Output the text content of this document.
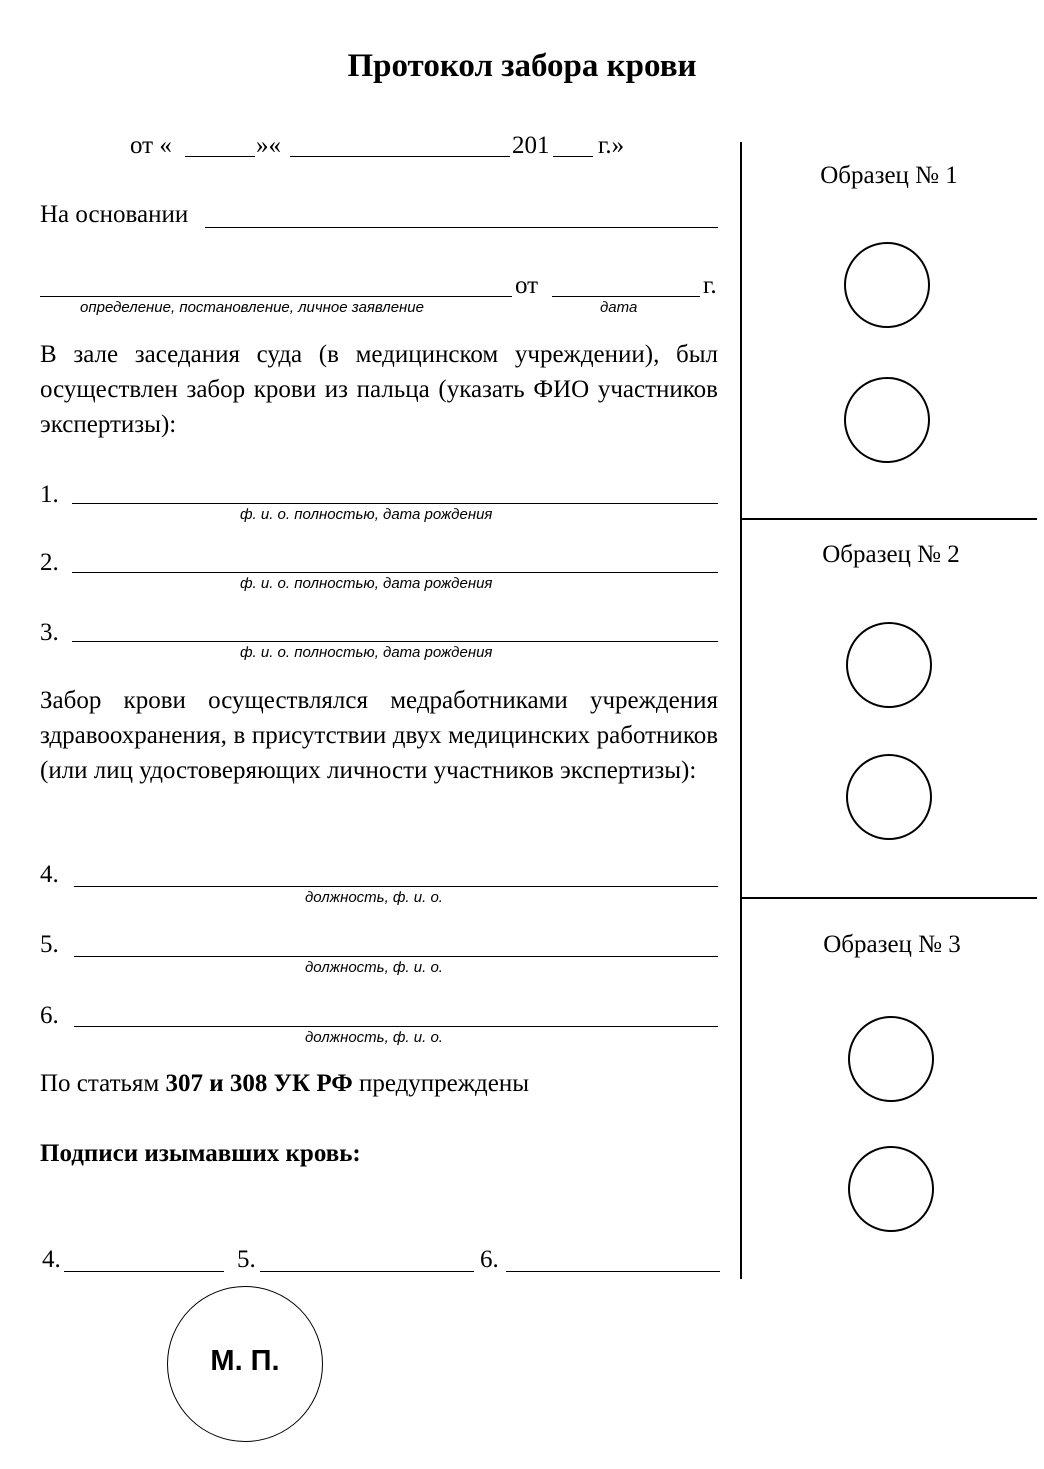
Протокол забора крови
от «	»«	201 г.»
На основании
от	г.
определение, постановление, личное заявление	дата
В зале заседания суда (в медицинском учреждении), был осуществлен забор крови из пальца (указать ФИО участников экспертизы):
1.
ф. и. о. полностью, дата рождения
2.
ф. и. о. полностью, дата рождения
3.
ф. и. о. полностью, дата рождения
Забор крови осуществлялся медработниками учреждения здравоохранения, в присутствии двух медицинских работников (или лиц удостоверяющих личности участников экспертизы):
4.
должность, ф. и. о.
5.
должность, ф. и. о.
6.
должность, ф. и. о.
По статьям 307 и 308 УК РФ предупреждены
Подписи изымавших кровь:
4.	5.	6.
М. П.
Образец № 1
Образец № 2
Образец № 3
